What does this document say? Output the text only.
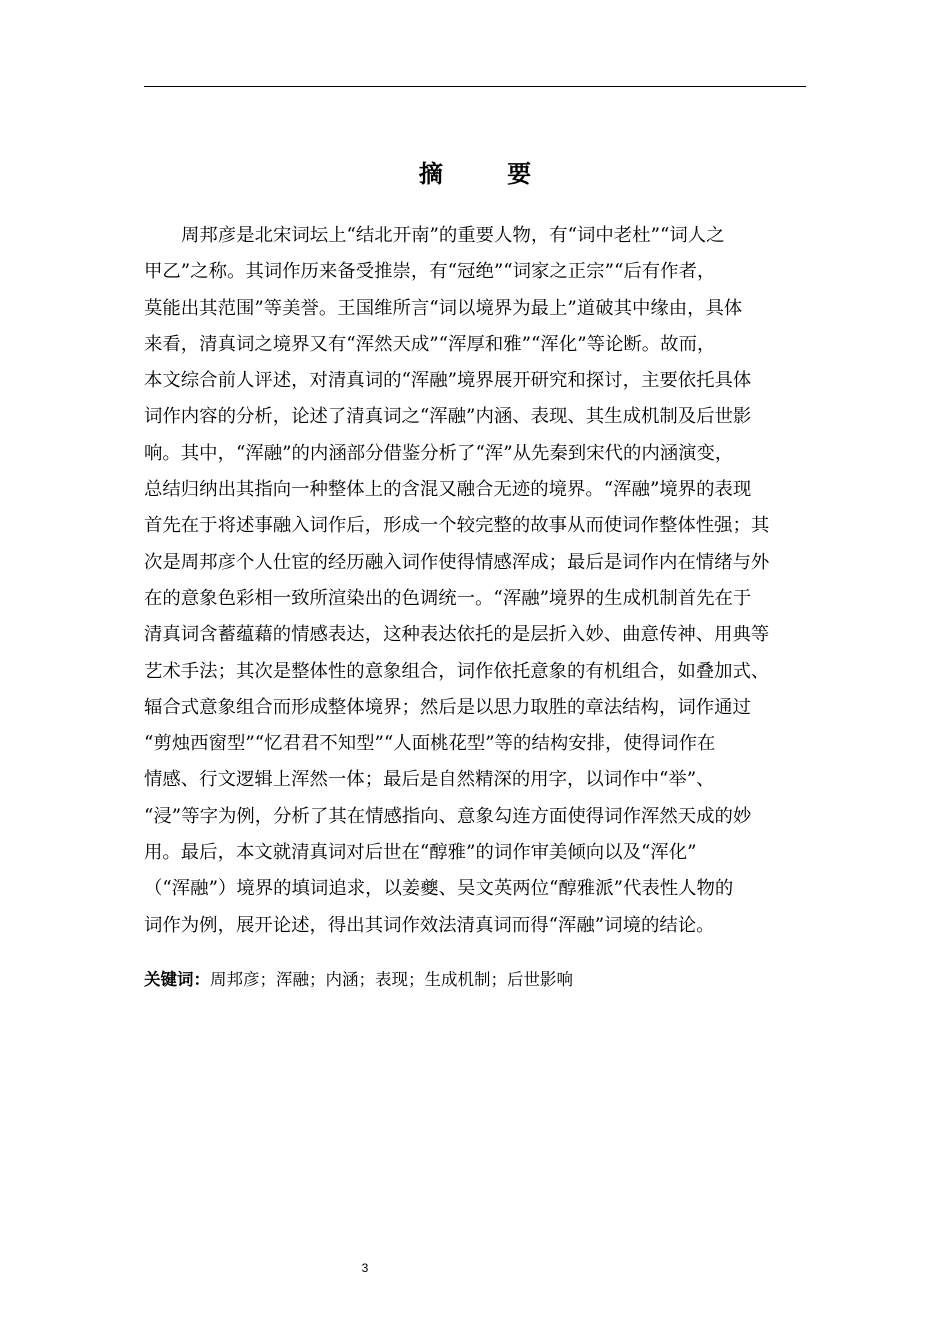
摘 要
周邦彦是北宋词坛上“结北开南”的重要人物，有“词中老杜”“词人之
甲乙”之称。其词作历来备受推崇，有“冠绝”“词家之正宗”“后有作者，
莫能出其范围”等美誉。王国维所言“词以境界为最上”道破其中缘由，具体
来看，清真词之境界又有“浑然天成”“浑厚和雅”“浑化”等论断。故而，
本文综合前人评述，对清真词的“浑融”境界展开研究和探讨，主要依托具体
词作内容的分析，论述了清真词之“浑融”内涵、表现、其生成机制及后世影
响。其中，“浑融”的内涵部分借鉴分析了“浑”从先秦到宋代的内涵演变，
总结归纳出其指向一种整体上的含混又融合无迹的境界。“浑融”境界的表现
首先在于将述事融入词作后，形成一个较完整的故事从而使词作整体性强；其
次是周邦彦个人仕宦的经历融入词作使得情感浑成；最后是词作内在情绪与外
在的意象色彩相一致所渲染出的色调统一。“浑融”境界的生成机制首先在于
清真词含蓄蕴藉的情感表达，这种表达依托的是层折入妙、曲意传神、用典等
艺术手法；其次是整体性的意象组合，词作依托意象的有机组合，如叠加式、
辐合式意象组合而形成整体境界；然后是以思力取胜的章法结构，词作通过
“剪烛西窗型”“忆君君不知型”“人面桃花型”等的结构安排，使得词作在
情感、行文逻辑上浑然一体；最后是自然精深的用字，以词作中“举”、
“浸”等字为例，分析了其在情感指向、意象勾连方面使得词作浑然天成的妙
用。最后，本文就清真词对后世在“醇雅”的词作审美倾向以及“浑化”
（“浑融”）境界的填词追求，以姜夔、吴文英两位“醇雅派”代表性人物的
词作为例，展开论述，得出其词作效法清真词而得“浑融”词境的结论。
关键词：周邦彦；浑融；内涵；表现；生成机制；后世影响
3
